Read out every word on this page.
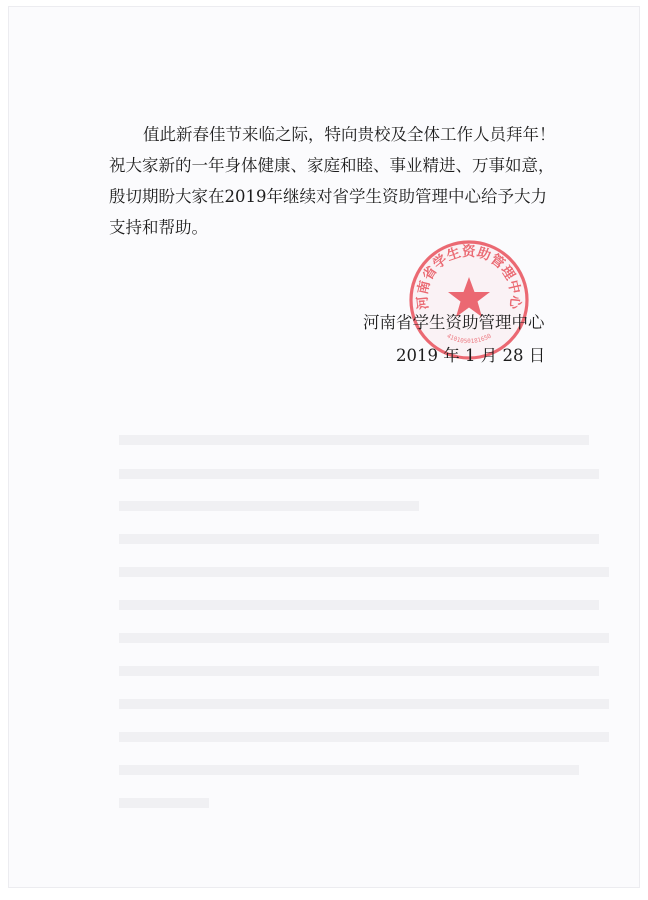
值此新春佳节来临之际，特向贵校及全体工作人员拜年！
祝大家新的一年身体健康、家庭和睦、事业精进、万事如意，
殷切期盼大家在2019年继续对省学生资助管理中心给予大力
支持和帮助。
河南省学生资助管理中心
4101050181650
河南省学生资助管理中心
2019 年 1 月 28 日
